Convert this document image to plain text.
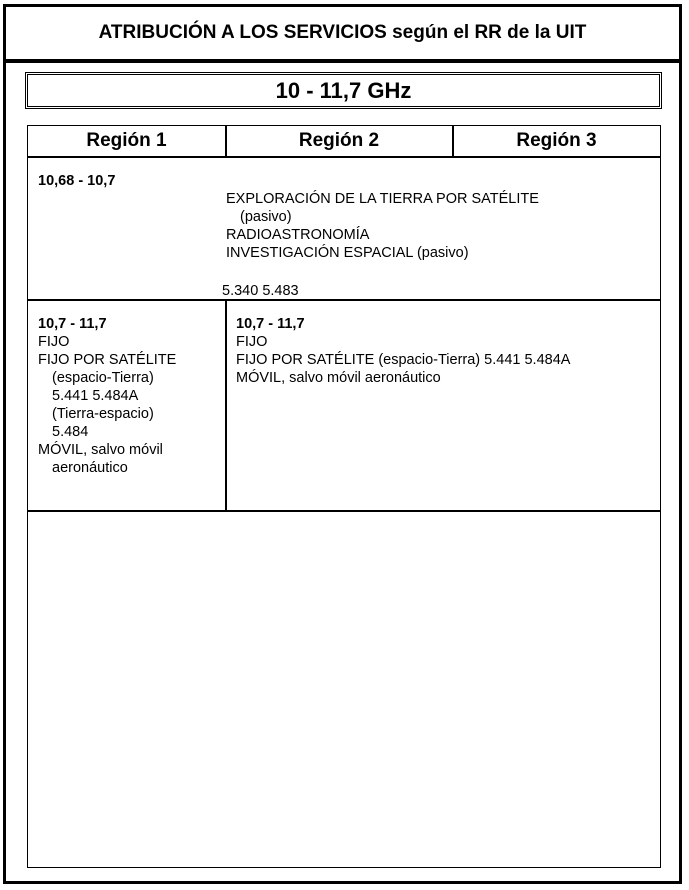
ATRIBUCIÓN A LOS SERVICIOS según el RR de la UIT
10 - 11,7 GHz
Región 1	Región 2	Región 3
10,68 - 10,7
EXPLORACIÓN DE LA TIERRA POR SATÉLITE
(pasivo)
RADIOASTRONOMÍA
INVESTIGACIÓN ESPACIAL (pasivo)
5.340 5.483
10,7 - 11,7
FIJO
FIJO POR SATÉLITE
(espacio-Tierra)
5.441 5.484A
(Tierra-espacio)
5.484
MÓVIL, salvo móvil
aeronáutico
10,7 - 11,7
FIJO
FIJO POR SATÉLITE (espacio-Tierra) 5.441 5.484A
MÓVIL, salvo móvil aeronáutico
